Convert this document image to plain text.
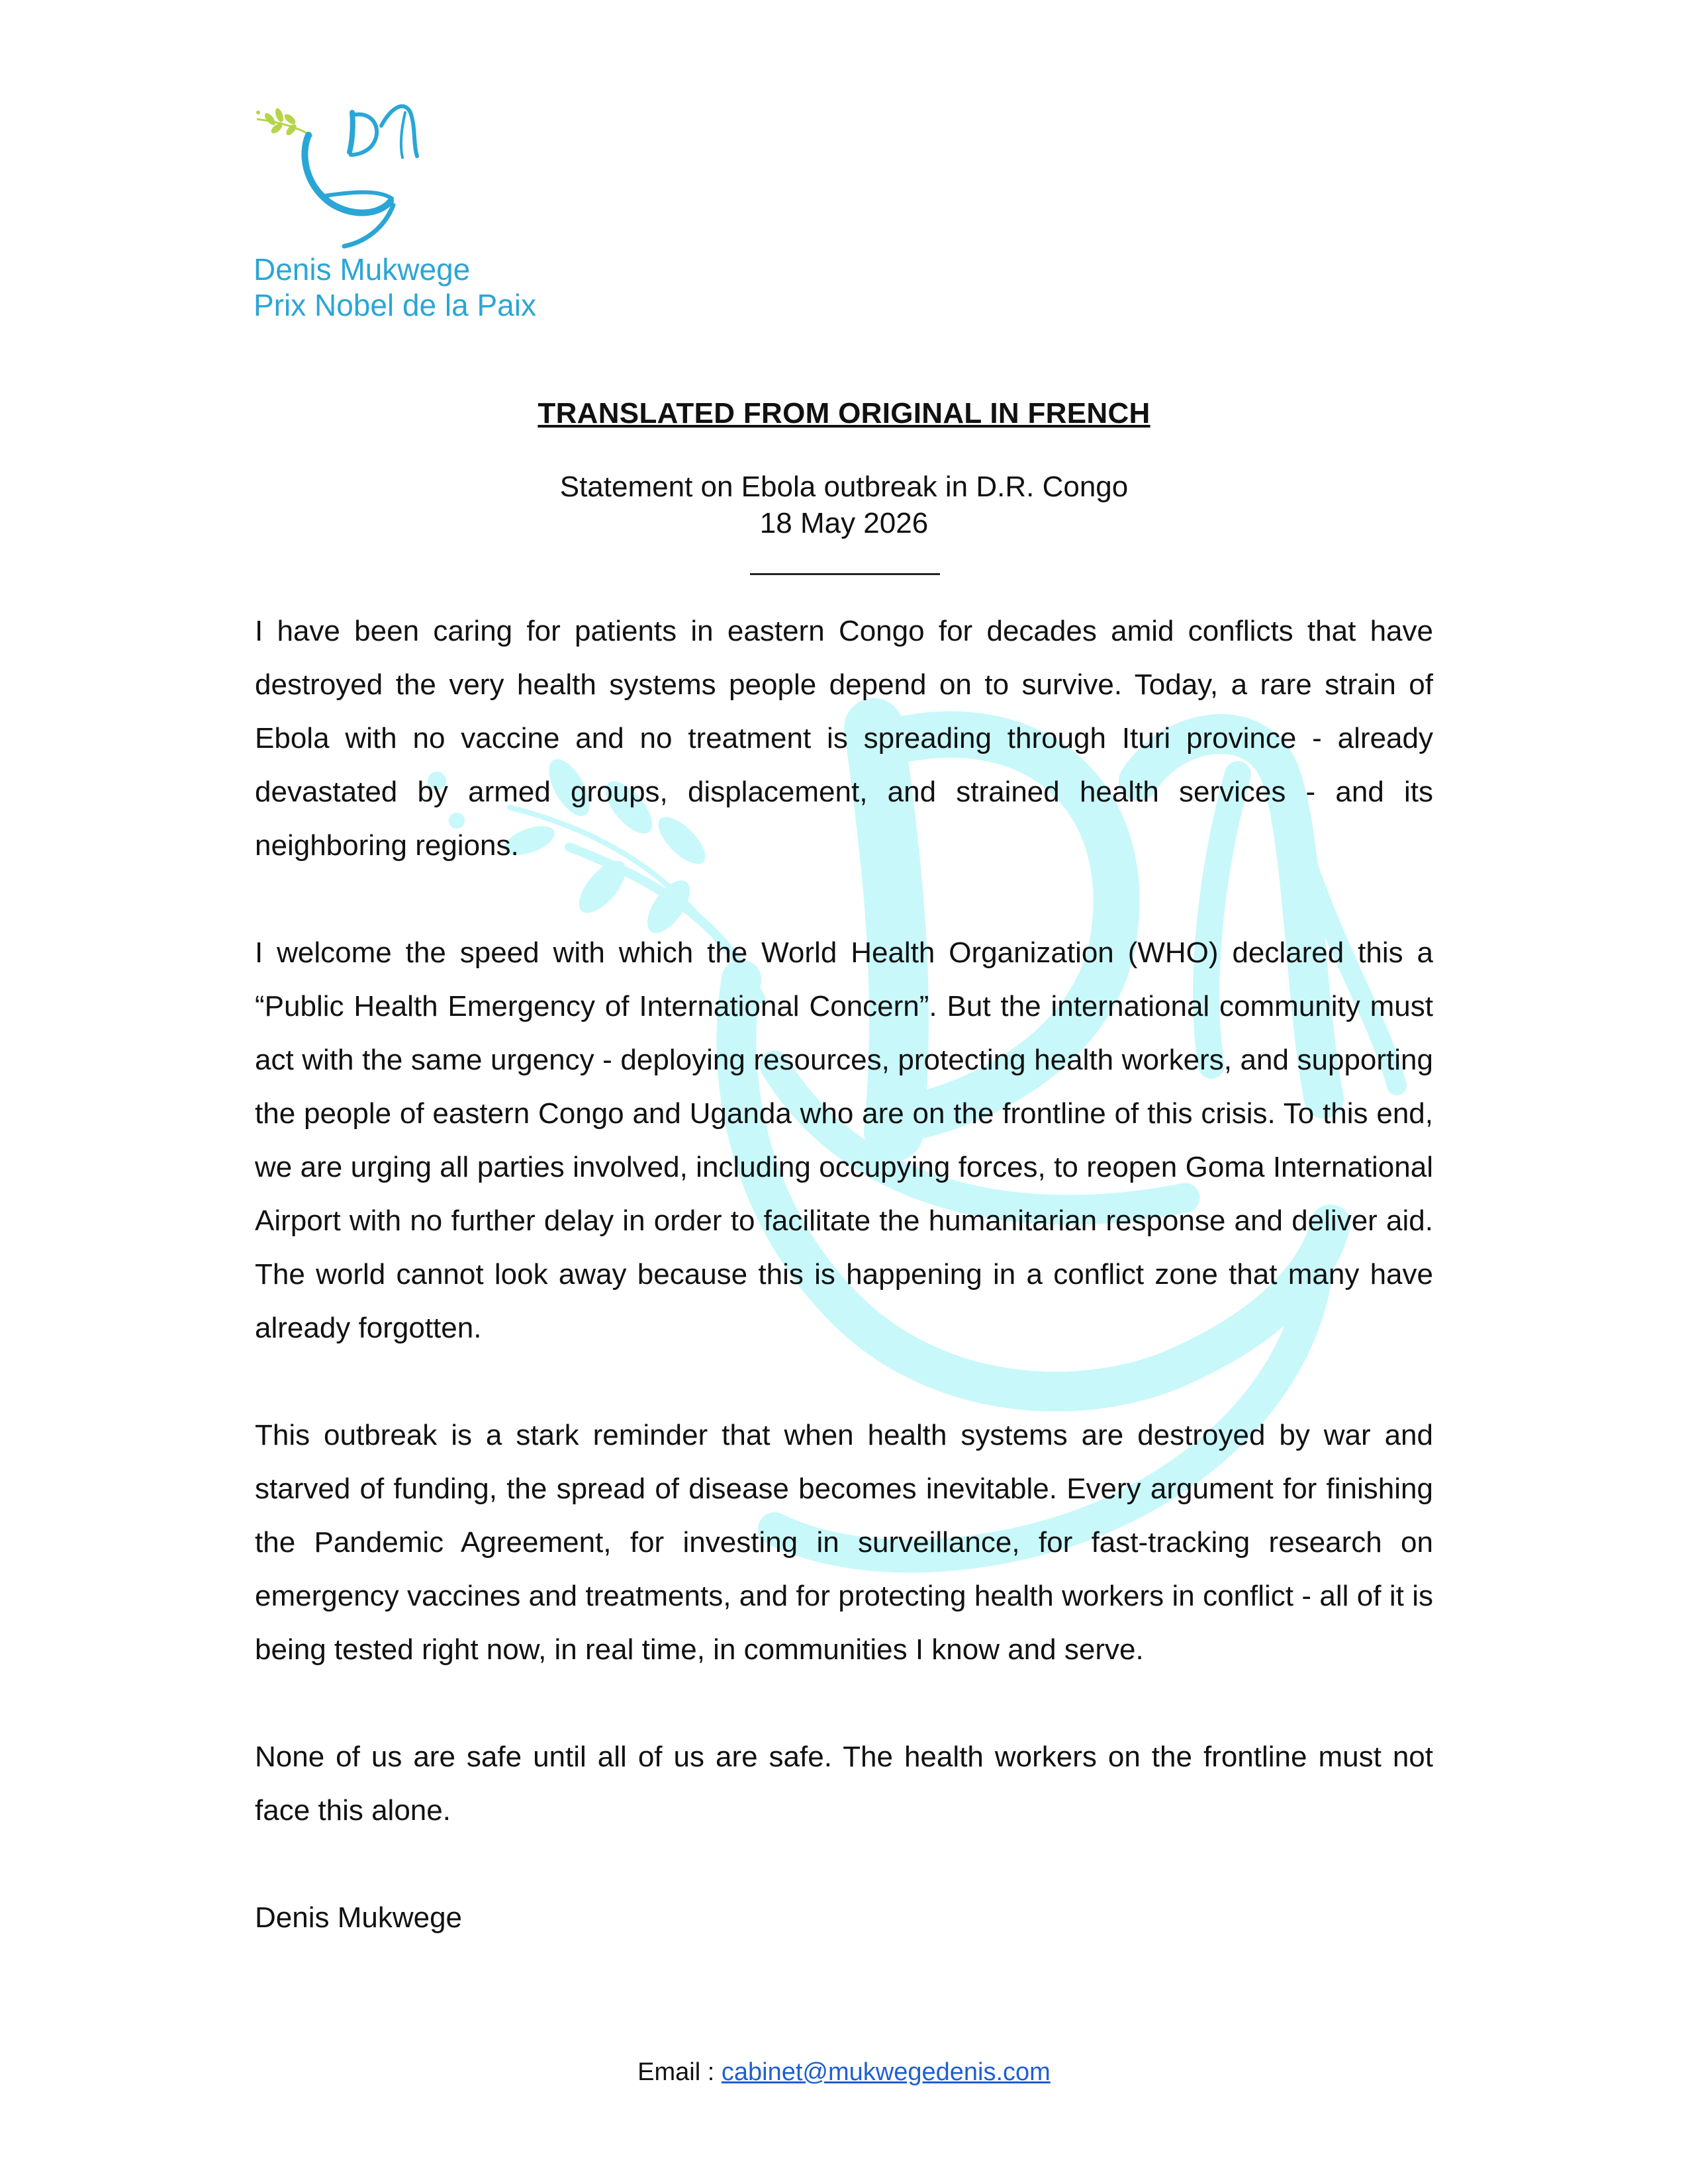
Denis Mukwege
Prix Nobel de la Paix
TRANSLATED FROM ORIGINAL IN FRENCH
Statement on Ebola outbreak in D.R. Congo
18 May 2026

I have been caring for patients in eastern Congo for decades amid conflicts that have destroyed the very health systems people depend on to survive. Today, a rare strain of Ebola with no vaccine and no treatment is spreading through Ituri province - already devastated by armed groups, displacement, and strained health services - and its neighboring regions.

I welcome the speed with which the World Health Organization (WHO) declared this a “Public Health Emergency of International Concern”. But the international community must act with the same urgency - deploying resources, protecting health workers, and supporting the people of eastern Congo and Uganda who are on the frontline of this crisis. To this end, we are urging all parties involved, including occupying forces, to reopen Goma International Airport with no further delay in order to facilitate the humanitarian response and deliver aid. The world cannot look away because this is happening in a conflict zone that many have already forgotten.

This outbreak is a stark reminder that when health systems are destroyed by war and starved of funding, the spread of disease becomes inevitable. Every argument for finishing the Pandemic Agreement, for investing in surveillance, for fast-tracking research on emergency vaccines and treatments, and for protecting health workers in conflict - all of it is being tested right now, in real time, in communities I know and serve.

None of us are safe until all of us are safe. The health workers on the frontline must not face this alone.

Denis Mukwege

Email : cabinet@mukwegedenis.com
